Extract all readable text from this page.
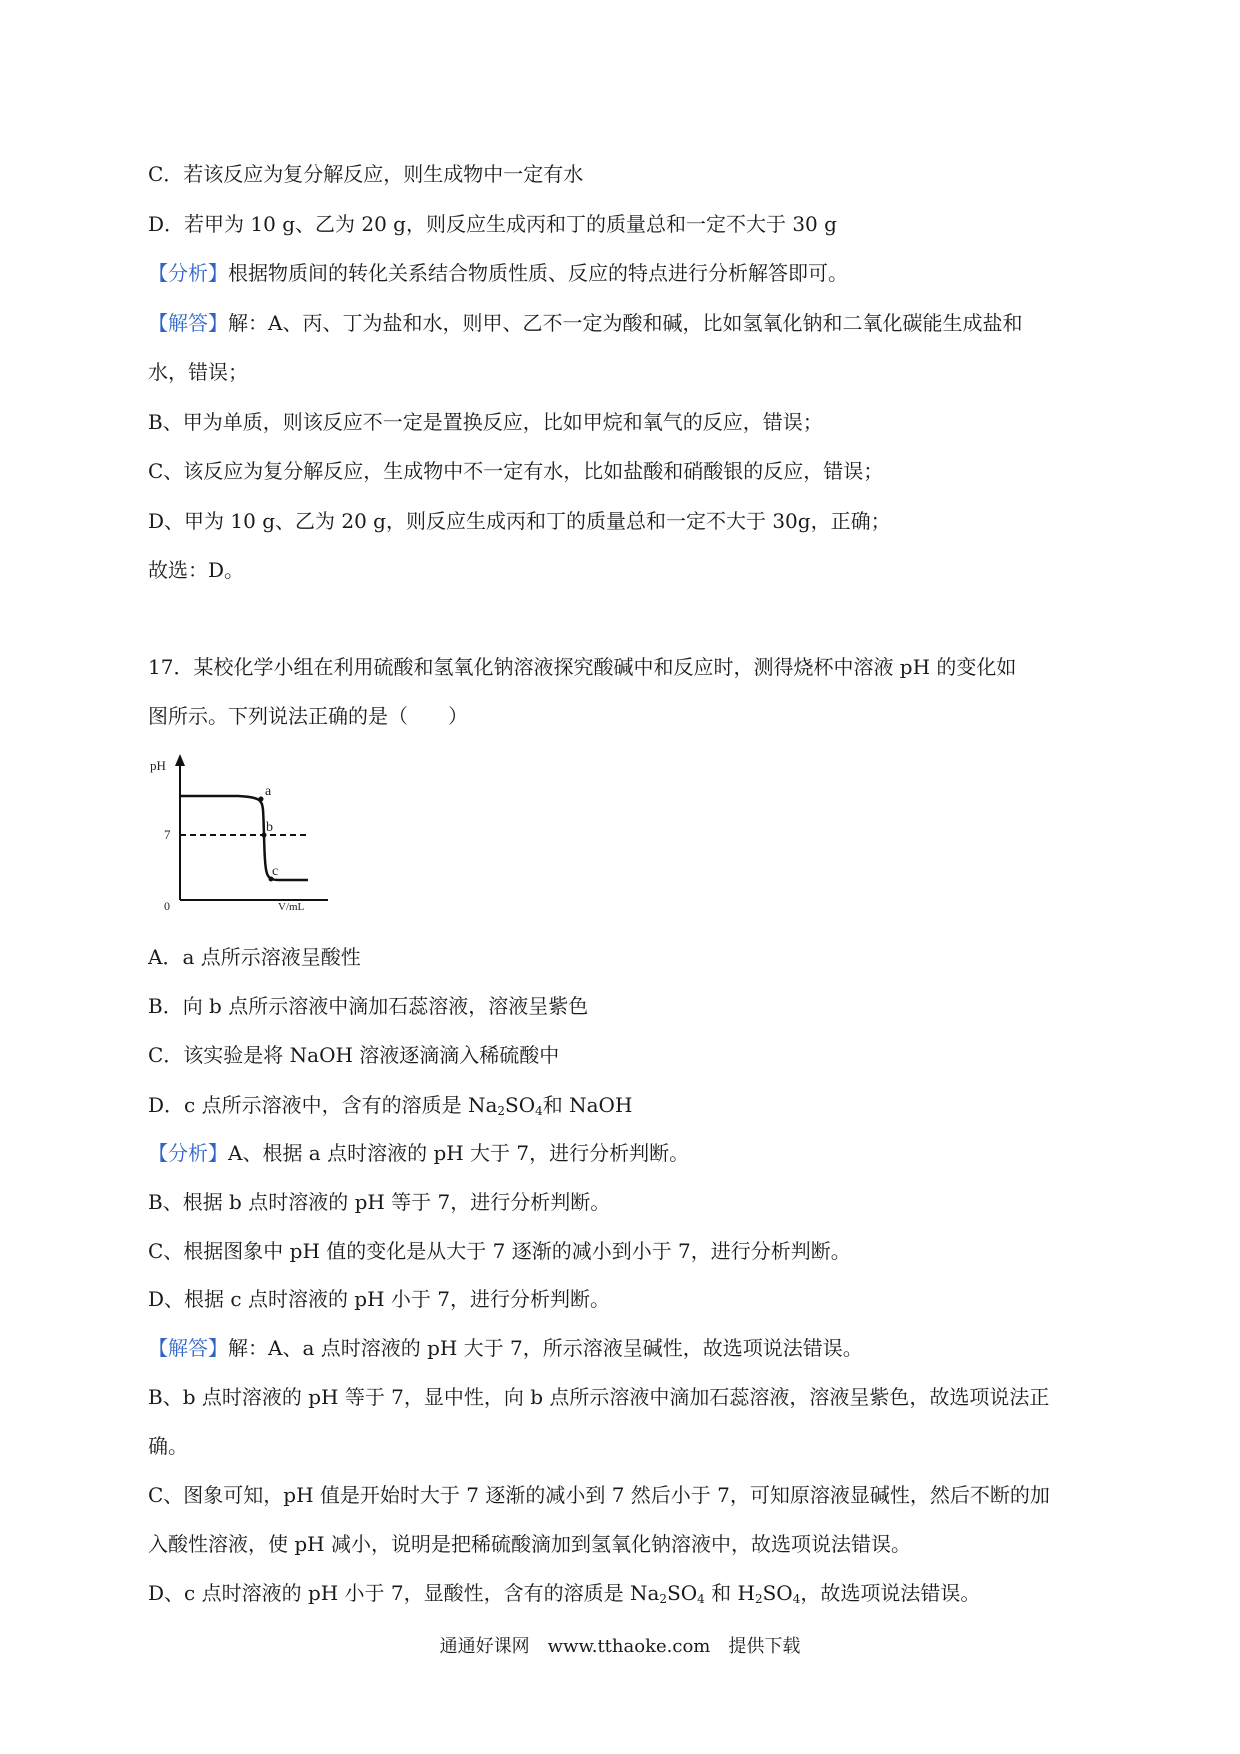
C．若该反应为复分解反应，则生成物中一定有水
D．若甲为 10 g、乙为 20 g，则反应生成丙和丁的质量总和一定不大于 30 g
【分析】根据物质间的转化关系结合物质性质、反应的特点进行分析解答即可。
【解答】解：A、丙、丁为盐和水，则甲、乙不一定为酸和碱，比如氢氧化钠和二氧化碳能生成盐和
水，错误；
B、甲为单质，则该反应不一定是置换反应，比如甲烷和氧气的反应，错误；
C、该反应为复分解反应，生成物中不一定有水，比如盐酸和硝酸银的反应，错误；
D、甲为 10 g、乙为 20 g，则反应生成丙和丁的质量总和一定不大于 30g，正确；
故选：D。
17．某校化学小组在利用硫酸和氢氧化钠溶液探究酸碱中和反应时，测得烧杯中溶液 pH 的变化如
图所示。下列说法正确的是（　　）
pH
7
0	V/mL
a
b
c
A．a 点所示溶液呈酸性
B．向 b 点所示溶液中滴加石蕊溶液，溶液呈紫色
C．该实验是将 NaOH 溶液逐滴滴入稀硫酸中
D．c 点所示溶液中，含有的溶质是 $Na_2SO_4$和 NaOH
【分析】A、根据 a 点时溶液的 pH 大于 7，进行分析判断。
B、根据 b 点时溶液的 pH 等于 7，进行分析判断。
C、根据图象中 pH 值的变化是从大于 7 逐渐的减小到小于 7，进行分析判断。
D、根据 c 点时溶液的 pH 小于 7，进行分析判断。
【解答】解：A、a 点时溶液的 pH 大于 7，所示溶液呈碱性，故选项说法错误。
B、b 点时溶液的 pH 等于 7，显中性，向 b 点所示溶液中滴加石蕊溶液，溶液呈紫色，故选项说法正
确。
C、图象可知，pH 值是开始时大于 7 逐渐的减小到 7 然后小于 7，可知原溶液显碱性，然后不断的加
入酸性溶液，使 pH 减小，说明是把稀硫酸滴加到氢氧化钠溶液中，故选项说法错误。
D、c 点时溶液的 pH 小于 7，显酸性，含有的溶质是 $Na_2SO_4$ 和 $H_2SO_4$，故选项说法错误。
通通好课网　www.tthaoke.com　提供下载
